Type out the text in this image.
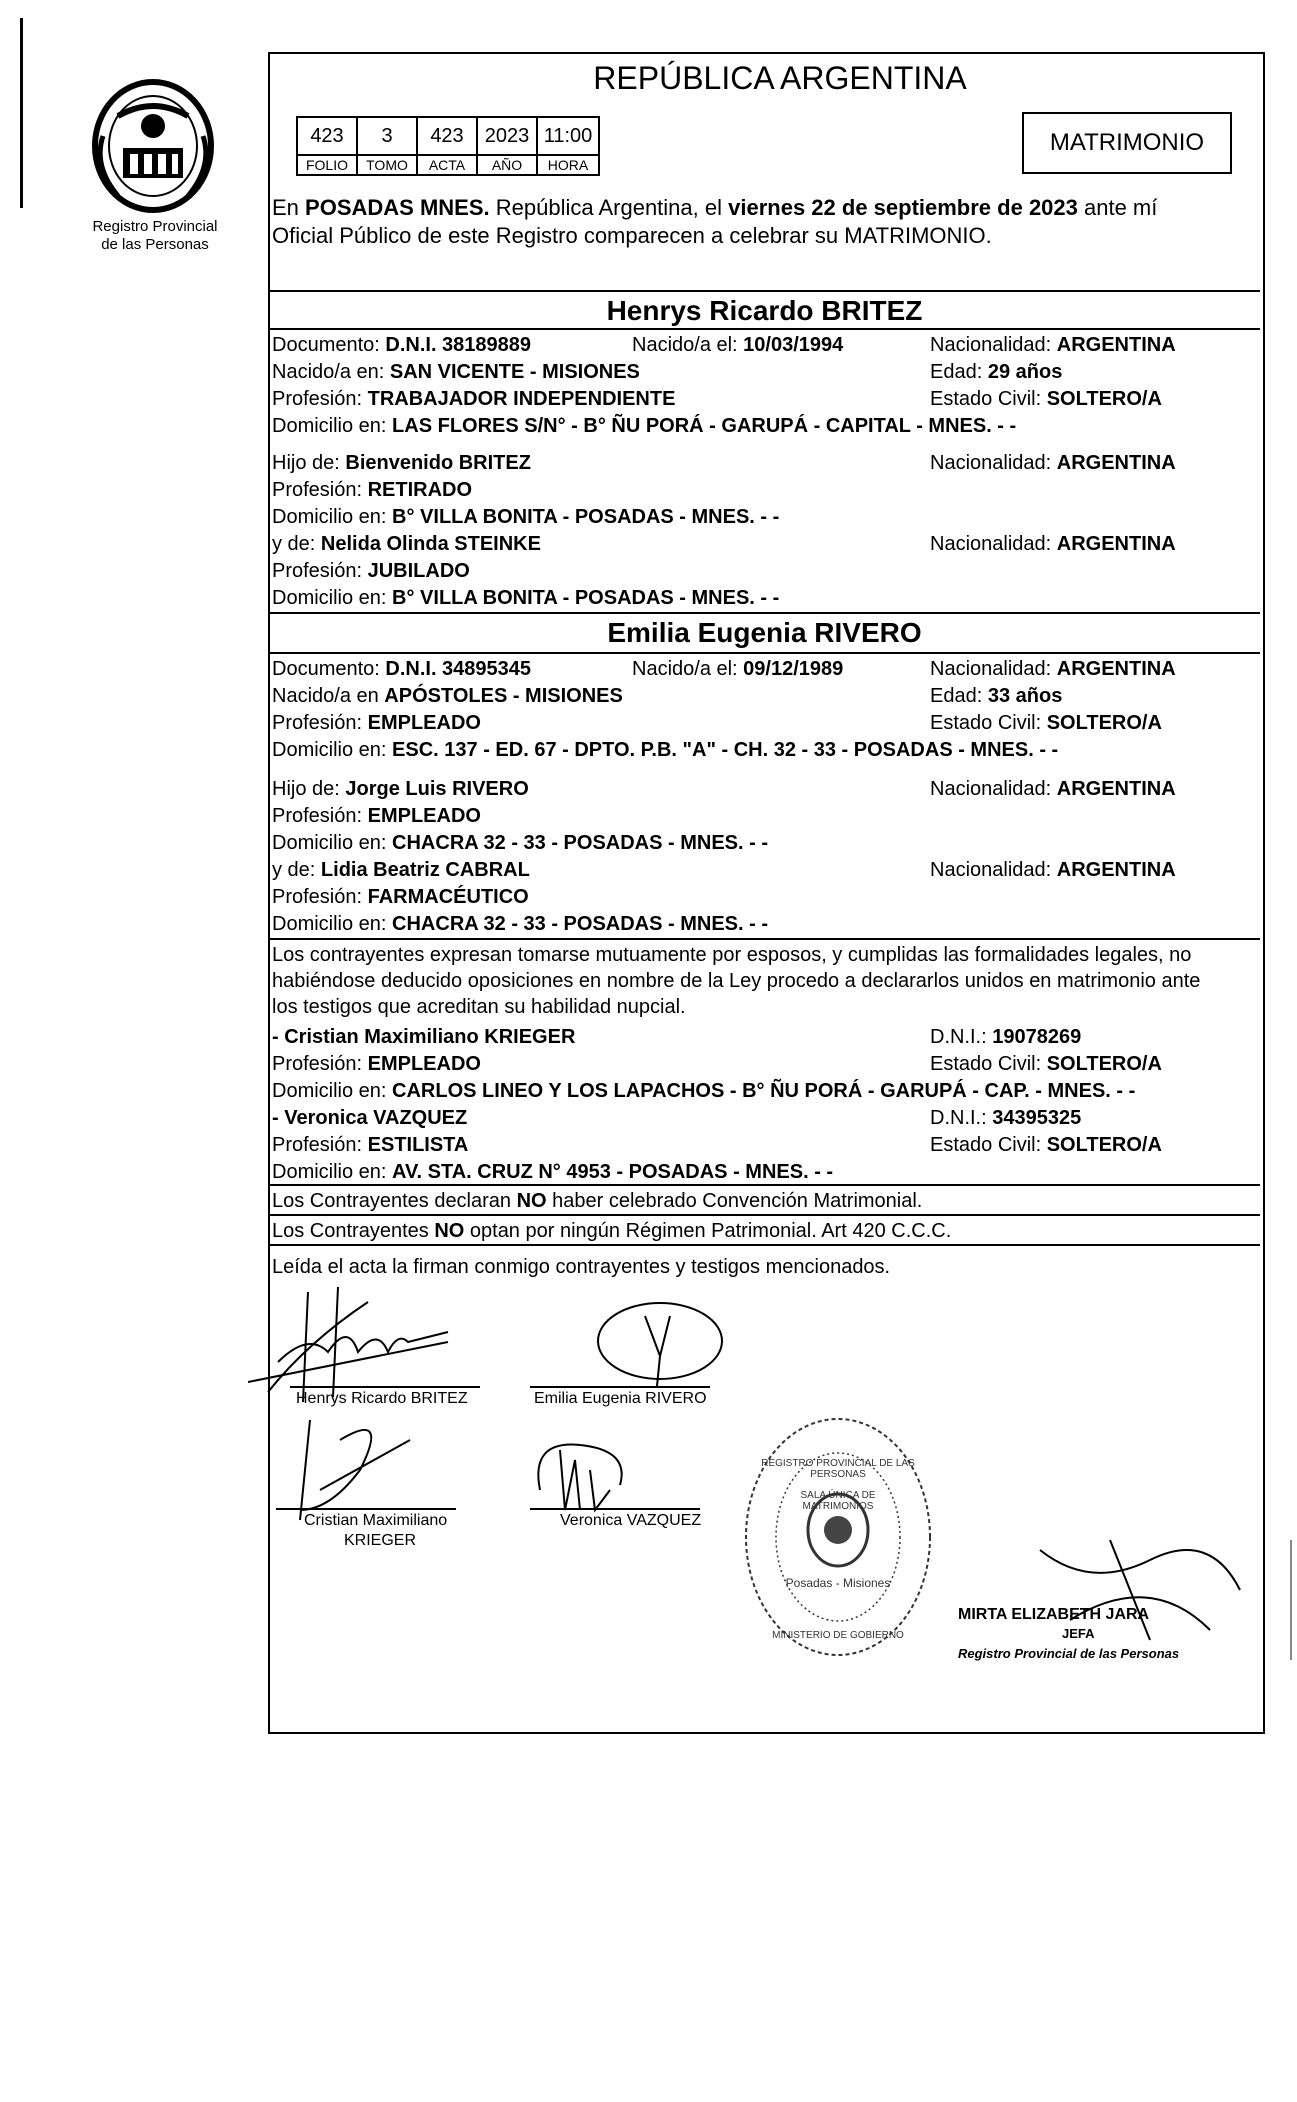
Registro Provincial
de las Personas
REPÚBLICA ARGENTINA
423	3	423	2023	11:00
FOLIO	TOMO	ACTA	AÑO	HORA
MATRIMONIO
En POSADAS MNES. República Argentina, el viernes 22 de septiembre de 2023 ante mí
Oficial Público de este Registro comparecen a celebrar su MATRIMONIO.
Henrys Ricardo BRITEZ
Documento: D.N.I. 38189889	Nacido/a el: 10/03/1994	Nacionalidad: ARGENTINA
Nacido/a en: SAN VICENTE - MISIONES	Edad: 29 años
Profesión: TRABAJADOR INDEPENDIENTE	Estado Civil: SOLTERO/A
Domicilio en: LAS FLORES S/N° - B° ÑU PORÁ - GARUPÁ - CAPITAL - MNES. - -
Hijo de: Bienvenido BRITEZ	Nacionalidad: ARGENTINA
Profesión: RETIRADO
Domicilio en: B° VILLA BONITA - POSADAS - MNES. - -
y de: Nelida Olinda STEINKE	Nacionalidad: ARGENTINA
Profesión: JUBILADO
Domicilio en: B° VILLA BONITA - POSADAS - MNES. - -
Emilia Eugenia RIVERO
Documento: D.N.I. 34895345	Nacido/a el: 09/12/1989	Nacionalidad: ARGENTINA
Nacido/a en APÓSTOLES - MISIONES	Edad: 33 años
Profesión: EMPLEADO	Estado Civil: SOLTERO/A
Domicilio en: ESC. 137 - ED. 67 - DPTO. P.B. "A" - CH. 32 - 33 - POSADAS - MNES. - -
Hijo de: Jorge Luis RIVERO	Nacionalidad: ARGENTINA
Profesión: EMPLEADO
Domicilio en: CHACRA 32 - 33 - POSADAS - MNES. - -
y de: Lidia Beatriz CABRAL	Nacionalidad: ARGENTINA
Profesión: FARMACÉUTICO
Domicilio en: CHACRA 32 - 33 - POSADAS - MNES. - -
Los contrayentes expresan tomarse mutuamente por esposos, y cumplidas las formalidades legales, no
habiéndose deducido oposiciones en nombre de la Ley procedo a declararlos unidos en matrimonio ante
los testigos que acreditan su habilidad nupcial.
- Cristian Maximiliano KRIEGER	D.N.I.: 19078269
Profesión: EMPLEADO	Estado Civil: SOLTERO/A
Domicilio en: CARLOS LINEO Y LOS LAPACHOS - B° ÑU PORÁ - GARUPÁ - CAP. - MNES. - -
- Veronica VAZQUEZ	D.N.I.: 34395325
Profesión: ESTILISTA	Estado Civil: SOLTERO/A
Domicilio en: AV. STA. CRUZ N° 4953 - POSADAS - MNES. - -
Los Contrayentes declaran NO haber celebrado Convención Matrimonial.
Los Contrayentes NO optan por ningún Régimen Patrimonial. Art 420 C.C.C.
Leída el acta la firman conmigo contrayentes y testigos mencionados.
Henrys Ricardo BRITEZ	Emilia Eugenia RIVERO
Cristian Maximiliano
KRIEGER
Veronica VAZQUEZ
SALA ÚNICA DE MATRIMONIOS
REGISTRO PROVINCIAL DE LAS PERSONAS
Posadas - Misiones
MINISTERIO DE GOBIERNO
MIRTA ELIZABETH JARA
JEFA
Registro Provincial de las Personas
